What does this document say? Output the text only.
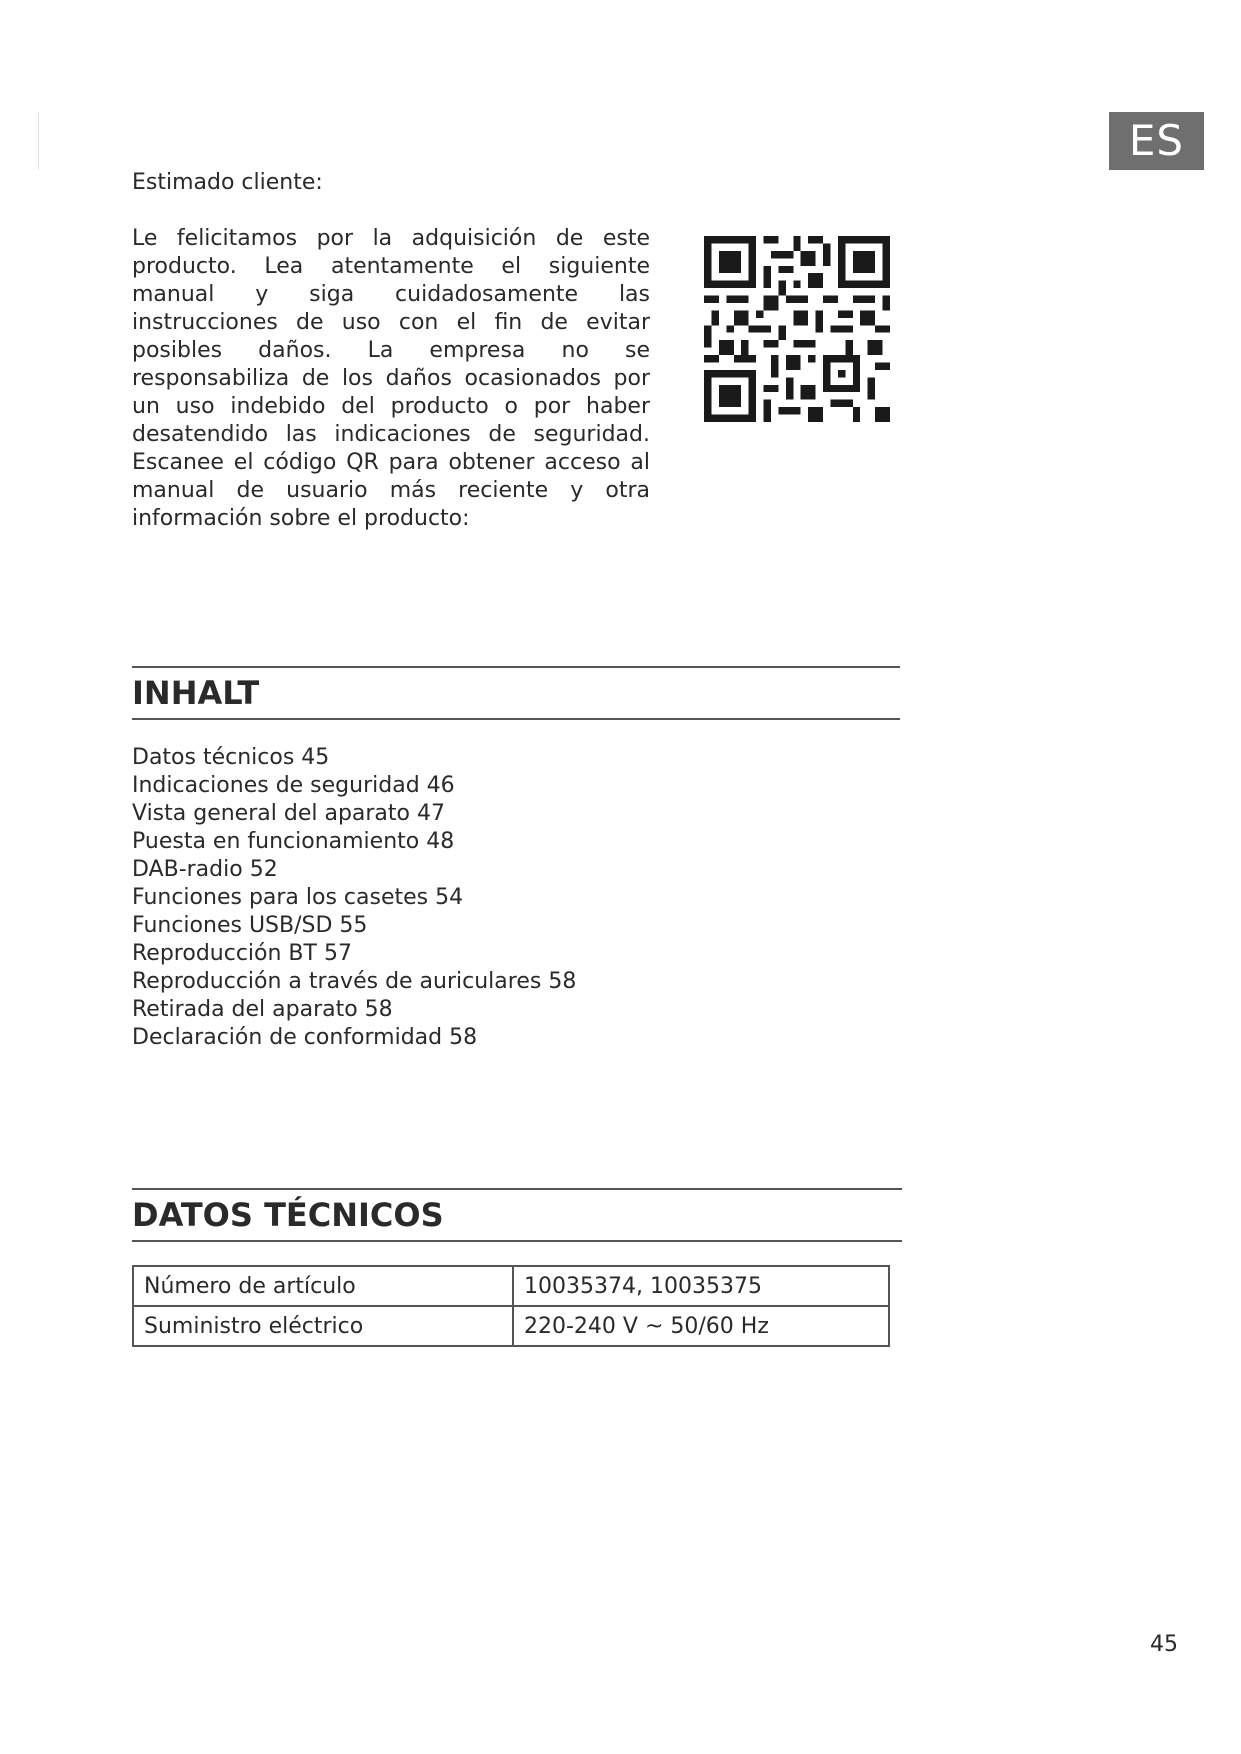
ES
Estimado cliente:

Le felicitamos por la adquisición de este producto. Lea atentamente el siguiente manual y siga cuidadosamente las instrucciones de uso con el fin de evitar posibles daños. La empresa no se responsabiliza de los daños ocasionados por un uso indebido del producto o por haber desatendido las indicaciones de seguridad. Escanee el código QR para obtener acceso al manual de usuario más reciente y otra información sobre el producto:

INHALT
Datos técnicos 45
Indicaciones de seguridad 46
Vista general del aparato 47
Puesta en funcionamiento 48
DAB-radio 52
Funciones para los casetes 54
Funciones USB/SD 55
Reproducción BT 57
Reproducción a través de auriculares 58
Retirada del aparato 58
Declaración de conformidad 58
DATOS TÉCNICOS
Número de artículo	10035374, 10035375
Suministro eléctrico	220-240 V ~ 50/60 Hz
45
